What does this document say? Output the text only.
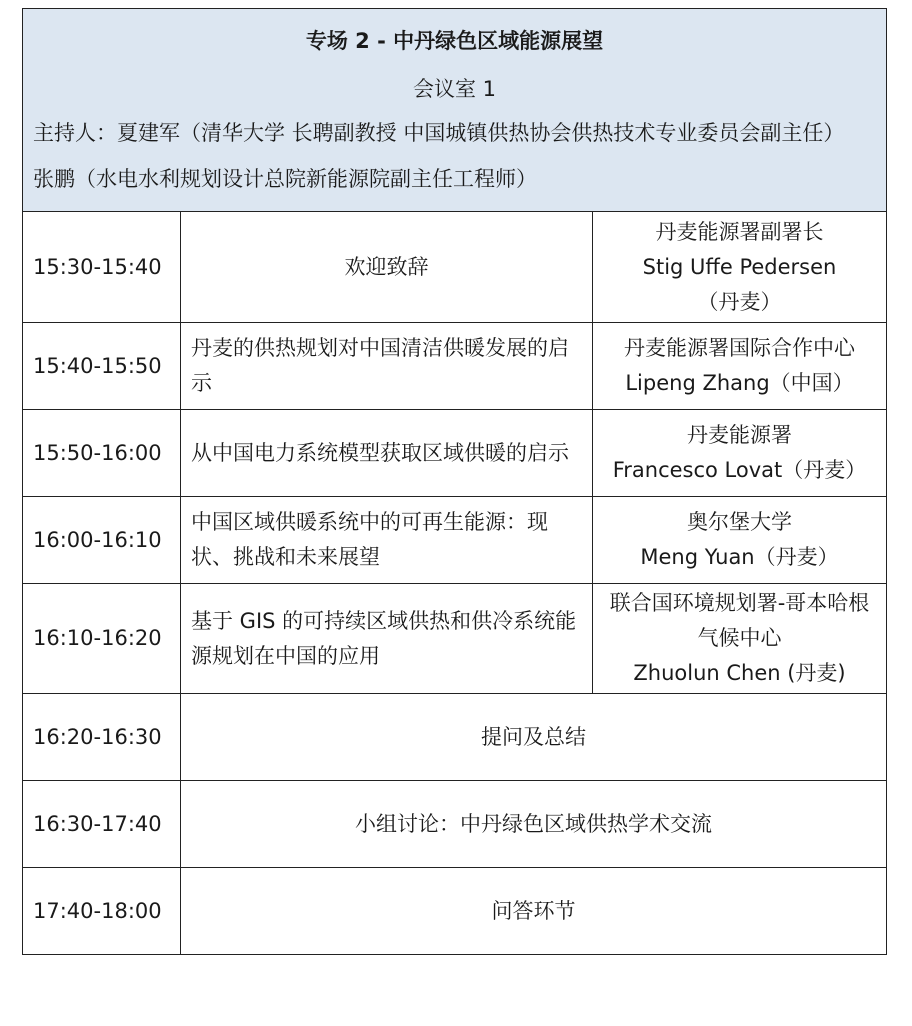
专场 2 - 中丹绿色区域能源展望
会议室 1
主持人：夏建军（清华大学 长聘副教授 中国城镇供热协会供热技术专业委员会副主任）
张鹏（水电水利规划设计总院新能源院副主任工程师）		

15:30-15:40	欢迎致辞	丹麦能源署副署长
Stig Uffe Pedersen
（丹麦）

15:40-15:50	丹麦的供热规划对中国清洁供暖发展的启示	丹麦能源署国际合作中心
Lipeng Zhang（中国）

15:50-16:00	从中国电力系统模型获取区域供暖的启示	丹麦能源署
Francesco Lovat（丹麦）

16:00-16:10	中国区域供暖系统中的可再生能源：现状、挑战和未来展望	奥尔堡大学
Meng Yuan（丹麦）

16:10-16:20	基于 GIS 的可持续区域供热和供冷系统能源规划在中国的应用	联合国环境规划署-哥本哈根气候中心
Zhuolun Chen (丹麦)

16:20-16:30	提问及总结	
16:30-17:40	小组讨论：中丹绿色区域供热学术交流	
17:40-18:00	问答环节	
